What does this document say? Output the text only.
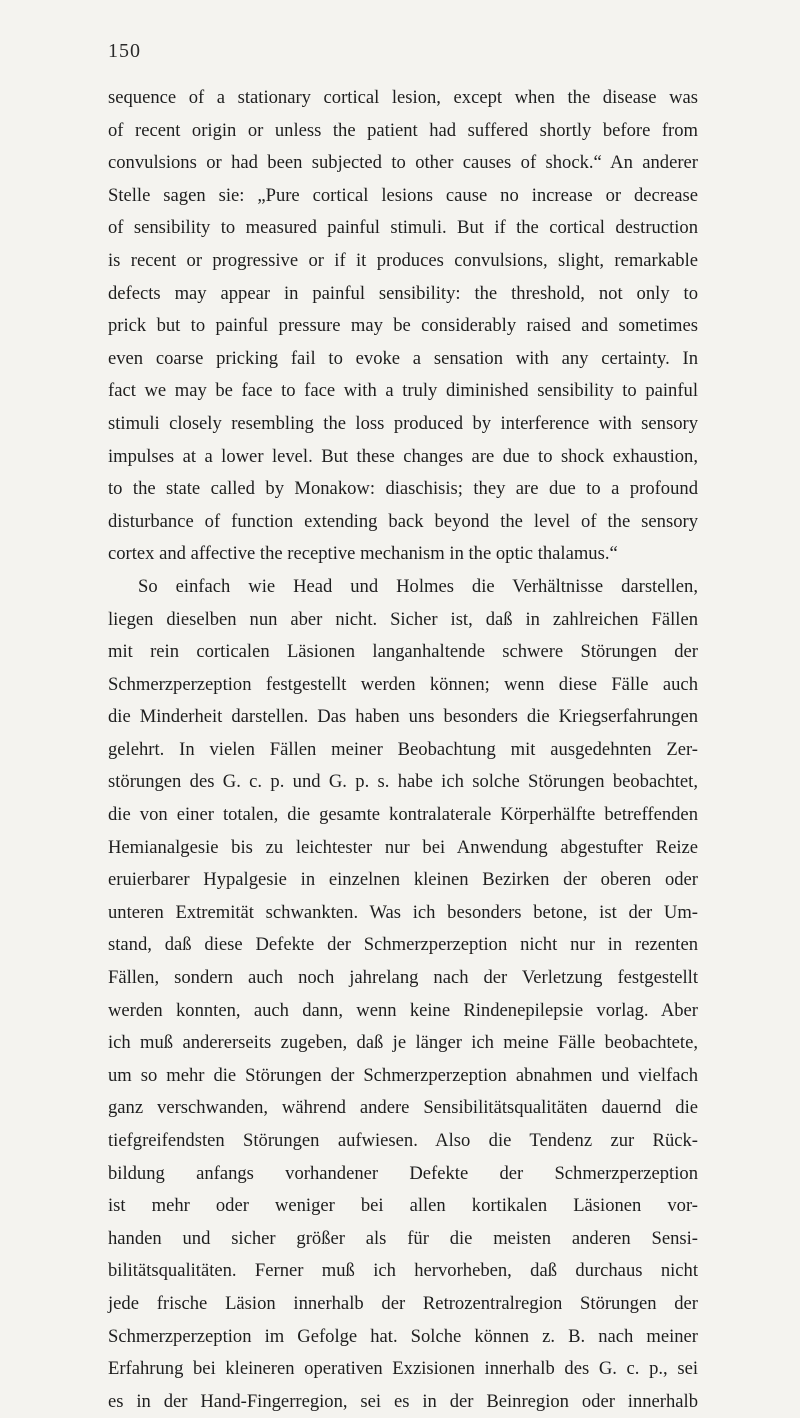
150
sequence of a stationary cortical lesion, except when the disease was
of recent origin or unless the patient had suffered shortly before from
convulsions or had been subjected to other causes of shock.“ An anderer
Stelle sagen sie: „Pure cortical lesions cause no increase or decrease
of sensibility to measured painful stimuli. But if the cortical destruction
is recent or progressive or if it produces convulsions, slight, remarkable
defects may appear in painful sensibility: the threshold, not only to
prick but to painful pressure may be considerably raised and sometimes
even coarse pricking fail to evoke a sensation with any certainty. In
fact we may be face to face with a truly diminished sensibility to painful
stimuli closely resembling the loss produced by interference with sensory
impulses at a lower level. But these changes are due to shock exhaustion,
to the state called by Monakow: diaschisis; they are due to a profound
disturbance of function extending back beyond the level of the sensory
cortex and affective the receptive mechanism in the optic thalamus.“
So einfach wie Head und Holmes die Verhältnisse darstellen,
liegen dieselben nun aber nicht. Sicher ist, daß in zahlreichen Fällen
mit rein corticalen Läsionen langanhaltende schwere Störungen der
Schmerzperzeption festgestellt werden können; wenn diese Fälle auch
die Minderheit darstellen. Das haben uns besonders die Kriegserfahrungen
gelehrt. In vielen Fällen meiner Beobachtung mit ausgedehnten Zer-
störungen des G. c. p. und G. p. s. habe ich solche Störungen beobachtet,
die von einer totalen, die gesamte kontralaterale Körperhälfte betreffenden
Hemianalgesie bis zu leichtester nur bei Anwendung abgestufter Reize
eruierbarer Hypalgesie in einzelnen kleinen Bezirken der oberen oder
unteren Extremität schwankten. Was ich besonders betone, ist der Um-
stand, daß diese Defekte der Schmerzperzeption nicht nur in rezenten
Fällen, sondern auch noch jahrelang nach der Verletzung festgestellt
werden konnten, auch dann, wenn keine Rindenepilepsie vorlag. Aber
ich muß andererseits zugeben, daß je länger ich meine Fälle beobachtete,
um so mehr die Störungen der Schmerzperzeption abnahmen und vielfach
ganz verschwanden, während andere Sensibilitätsqualitäten dauernd die
tiefgreifendsten Störungen aufwiesen. Also die Tendenz zur Rück-
bildung anfangs vorhandener Defekte der Schmerzperzeption
ist mehr oder weniger bei allen kortikalen Läsionen vor-
handen und sicher größer als für die meisten anderen Sensi-
bilitätsqualitäten. Ferner muß ich hervorheben, daß durchaus nicht
jede frische Läsion innerhalb der Retrozentralregion Störungen der
Schmerzperzeption im Gefolge hat. Solche können z. B. nach meiner
Erfahrung bei kleineren operativen Exzisionen innerhalb des G. c. p., sei
es in der Hand-Fingerregion, sei es in der Beinregion oder innerhalb
